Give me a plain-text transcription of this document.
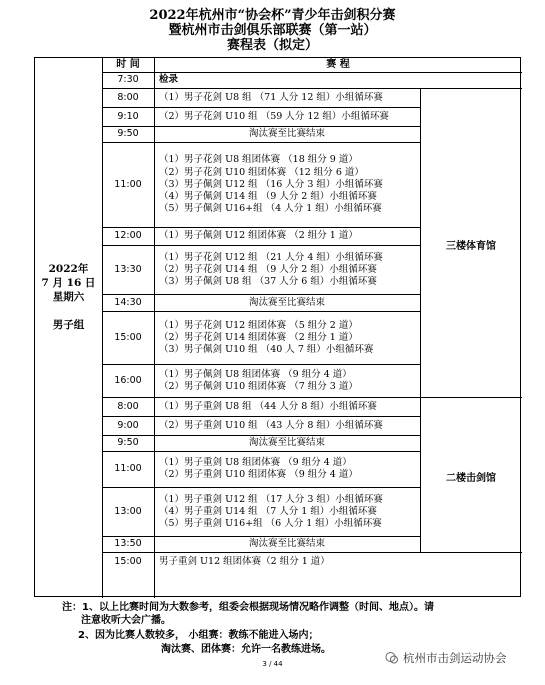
2022年杭州市“协会杯”青少年击剑积分赛
暨杭州市击剑俱乐部联赛（第一站）
赛程表（拟定）
时 间	赛 程
7:30	检录
8:00	（1）男子花剑 U8 组 （71 人分 12 组）小组循环赛
9:10	（2）男子花剑 U10 组 （59 人分 12 组）小组循环赛
9:50	淘汰赛至比赛结束
11:00
（1）男子花剑 U8 组团体赛 （18 组分 9 道）
（2）男子花剑 U10 组团体赛 （12 组分 6 道）
（3）男子佩剑 U12 组 （16 人分 3 组）小组循环赛
（4）男子佩剑 U14 组 （9 人分 2 组）小组循环赛
（5）男子佩剑 U16+组 （4 人分 1 组）小组循环赛
12:00	（1）男子佩剑 U12 组团体赛 （2 组分 1 道）
13:30
（1）男子花剑 U12 组 （21 人分 4 组）小组循环赛
（2）男子花剑 U14 组 （9 人分 2 组）小组循环赛
（3）男子佩剑 U8 组 （37 人分 6 组）小组循环赛
14:30	淘汰赛至比赛结束
15:00
（1）男子花剑 U12 组团体赛 （5 组分 2 道）
（2）男子花剑 U14 组团体赛 （2 组分 1 道）
（3）男子佩剑 U10 组 （40 人 7 组）小组循环赛
16:00
（1）男子佩剑 U8 组团体赛 （9 组分 4 道）
（2）男子佩剑 U10 组团体赛 （7 组分 3 道）
8:00	（1）男子重剑 U8 组 （44 人分 8 组）小组循环赛
9:00	（2）男子重剑 U10 组 （43 人分 8 组）小组循环赛
9:50	淘汰赛至比赛结束
11:00
（1）男子重剑 U8 组团体赛 （9 组分 4 道）
（2）男子重剑 U10 组团体赛 （9 组分 4 道）
13:00
（1）男子重剑 U12 组 （17 人分 3 组）小组循环赛
（4）男子重剑 U14 组 （7 人分 1 组）小组循环赛
（5）男子重剑 U16+组 （6 人分 1 组）小组循环赛
13:50	淘汰赛至比赛结束
15:00	男子重剑 U12 组团体赛（2 组分 1 道）
2022年
7 月 16 日
星期六
男子组
三楼体育馆
二楼击剑馆
注：1、以上比赛时间为大数参考，组委会根据现场情况略作调整（时间、地点）。请
注意收听大会广播。
2、因为比赛人数较多， 小组赛：教练不能进入场内；
淘汰赛、团体赛：允许一名教练进场。
3 / 44	杭州市击剑运动协会
